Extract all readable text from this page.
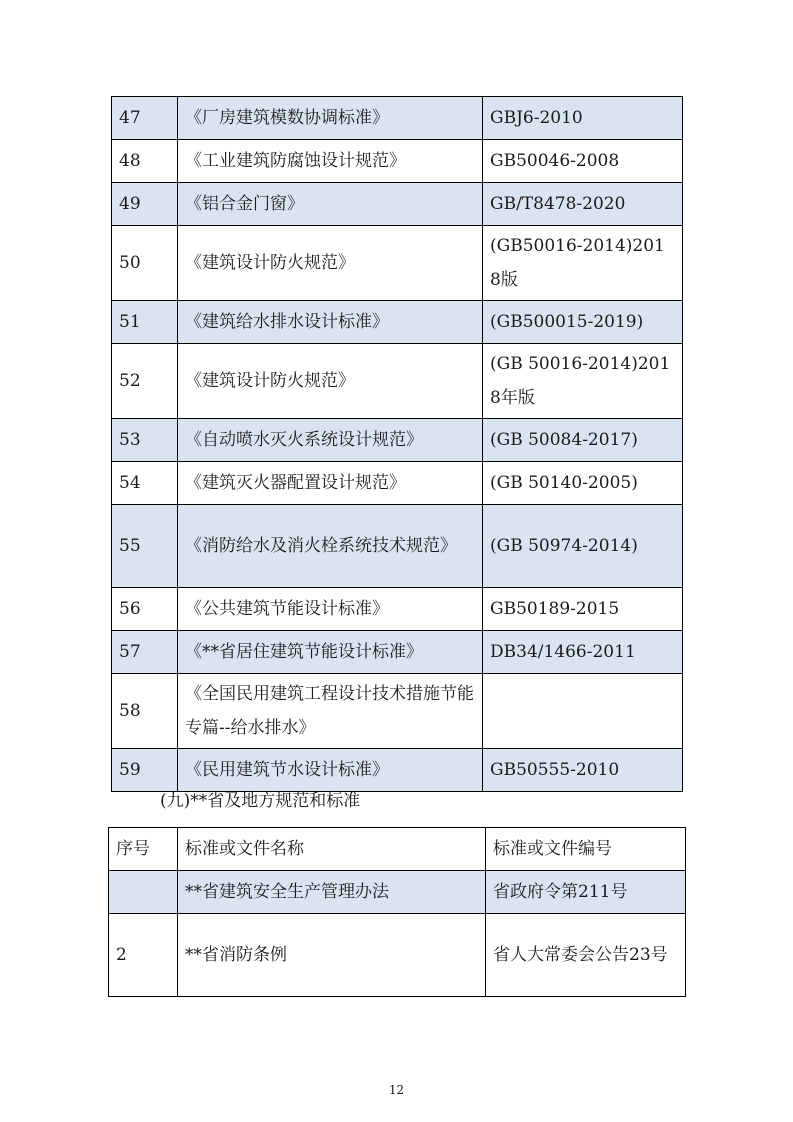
47	《厂房建筑模数协调标准》	GBJ6-2010
48	《工业建筑防腐蚀设计规范》	GB50046-2008
49	《铝合金门窗》	GB/T8478-2020
50	《建筑设计防火规范》	(GB50016-2014)2018版
51	《建筑给水排水设计标准》	(GB500015-2019)
52	《建筑设计防火规范》	(GB 50016-2014)2018年版
53	《自动喷水灭火系统设计规范》	(GB 50084-2017)
54	《建筑灭火器配置设计规范》	(GB 50140-2005)
55	《消防给水及消火栓系统技术规范》	(GB 50974-2014)
56	《公共建筑节能设计标准》	GB50189-2015
57	《**省居住建筑节能设计标准》	DB34/1466-2011
58	《全国民用建筑工程设计技术措施节能专篇--给水排水》	
59	《民用建筑节水设计标准》	GB50555-2010
(九)**省及地方规范和标准
序号	标准或文件名称	标准或文件编号
	**省建筑安全生产管理办法	省政府令第211号
2	**省消防条例	省人大常委会公告23号
12
